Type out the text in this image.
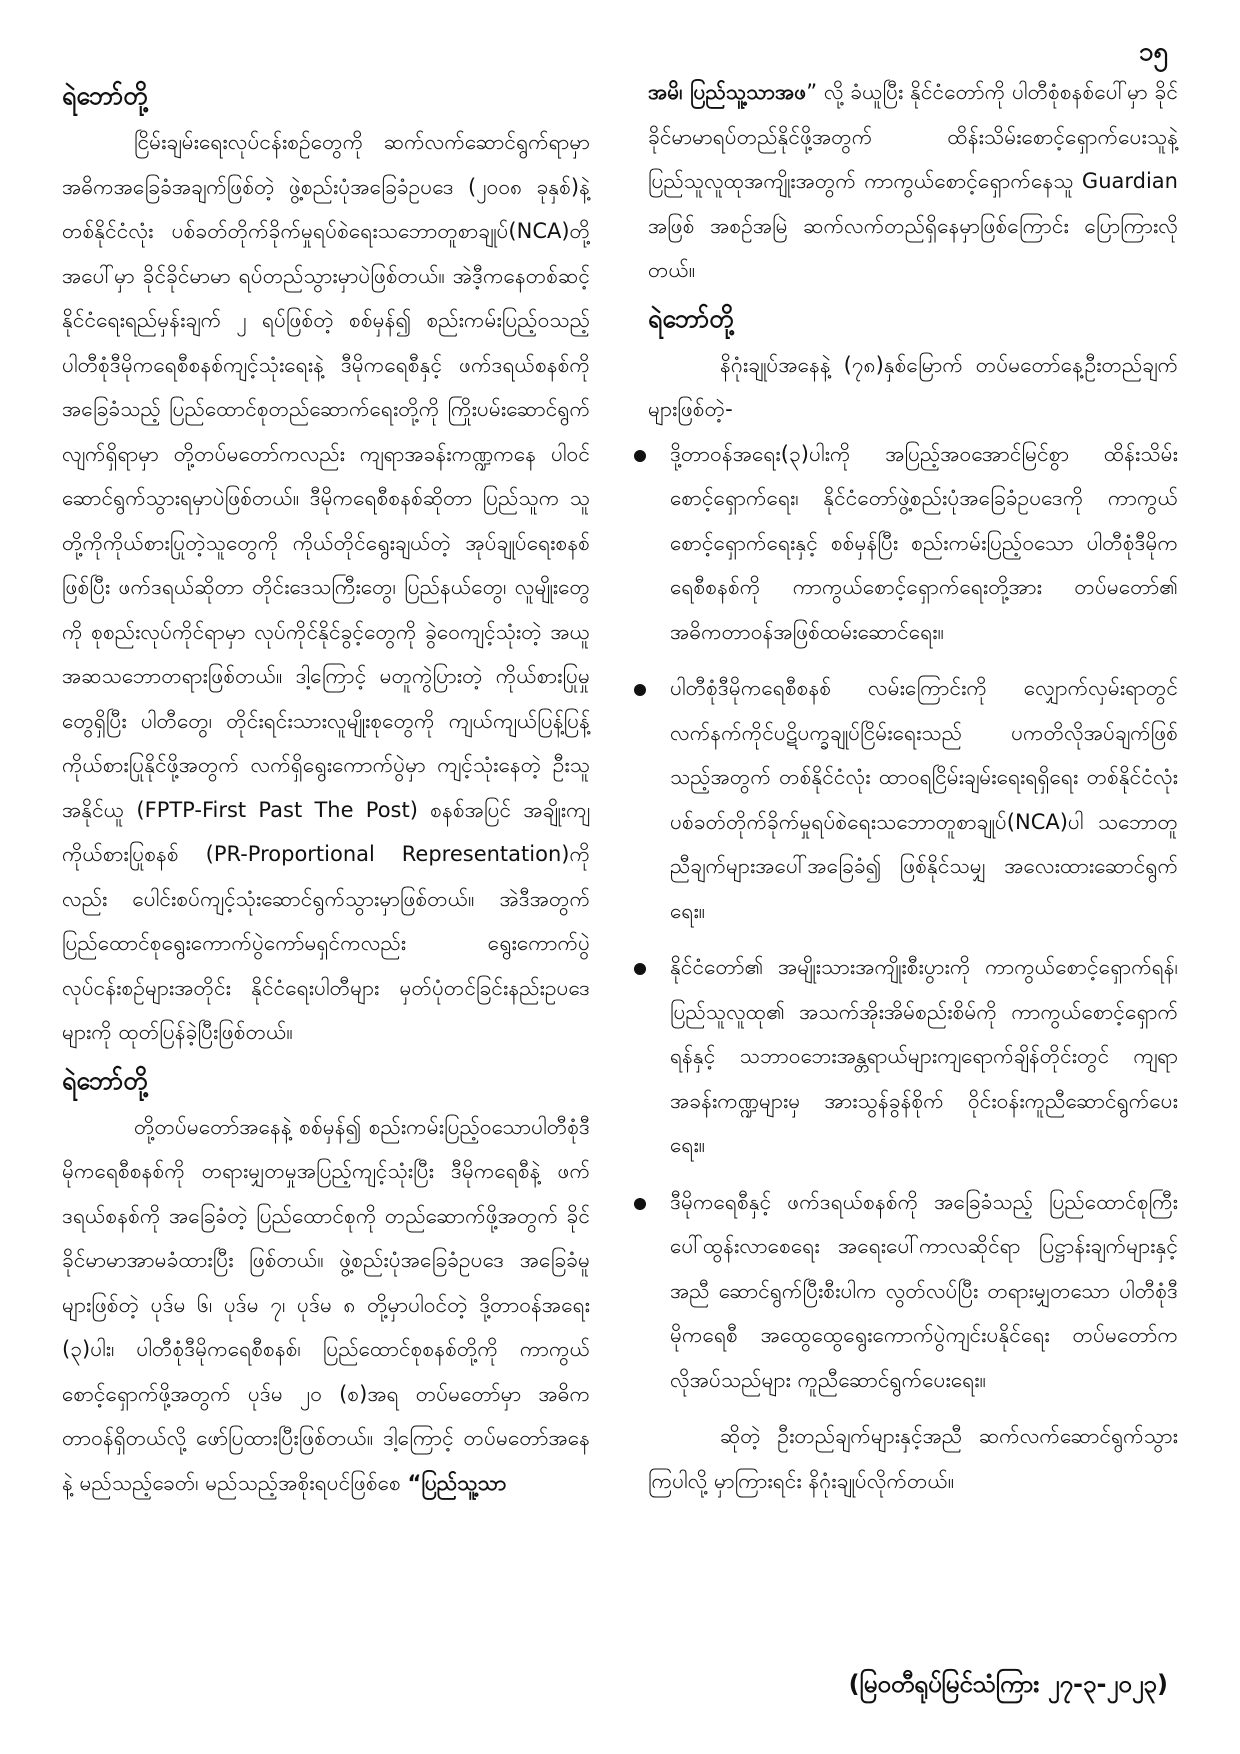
၁၅
ရဲဘော်တို့

ငြိမ်းချမ်းရေးလုပ်ငန်းစဉ်တွေကို ဆက်လက်ဆောင်ရွက်ရာမှာ အဓိကအခြေခံအချက်ဖြစ်တဲ့ ဖွဲ့စည်းပုံအခြေခံဥပဒေ (၂၀၀၈ ခုနှစ်)နဲ့ တစ်နိုင်ငံလုံး ပစ်ခတ်တိုက်ခိုက်မှုရပ်စဲရေးသဘောတူစာချုပ်(NCA)တို့အပေါ်မှာ ခိုင်ခိုင်မာမာ ရပ်တည်သွားမှာပဲဖြစ်တယ်။ အဲဒီ့ကနေတစ်ဆင့် နိုင်ငံရေးရည်မှန်းချက် ၂ ရပ်ဖြစ်တဲ့ စစ်မှန်၍ စည်းကမ်းပြည့်ဝသည့် ပါတီစုံဒီမိုကရေစီစနစ်ကျင့်သုံးရေးနဲ့ ဒီမိုကရေစီနှင့် ဖက်ဒရယ်စနစ်ကို အခြေခံသည့် ပြည်ထောင်စုတည်ဆောက်ရေးတို့ကို ကြိုးပမ်းဆောင်ရွက်လျက်ရှိရာမှာ တို့တပ်မတော်ကလည်း ကျရာအခန်းကဏ္ဍကနေ ပါဝင်ဆောင်ရွက်သွားရမှာပဲဖြစ်တယ်။ ဒီမိုကရေစီစနစ်ဆိုတာ ပြည်သူက သူတို့ကိုကိုယ်စားပြုတဲ့သူတွေကို ကိုယ်တိုင်ရွေးချယ်တဲ့ အုပ်ချုပ်ရေးစနစ်ဖြစ်ပြီး ဖက်ဒရယ်ဆိုတာ တိုင်းဒေသကြီးတွေ၊ ပြည်နယ်တွေ၊ လူမျိုးတွေကို စုစည်းလုပ်ကိုင်ရာမှာ လုပ်ကိုင်နိုင်ခွင့်တွေကို ခွဲဝေကျင့်သုံးတဲ့ အယူအဆသဘောတရားဖြစ်တယ်။ ဒါ့ကြောင့် မတူကွဲပြားတဲ့ ကိုယ်စားပြုမှုတွေရှိပြီး ပါတီတွေ၊ တိုင်းရင်းသားလူမျိုးစုတွေကို ကျယ်ကျယ်ပြန့်ပြန့် ကိုယ်စားပြုနိုင်ဖို့အတွက် လက်ရှိရွေးကောက်ပွဲမှာ ကျင့်သုံးနေတဲ့ ဦးသူအနိုင်ယူ (FPTP-First Past The Post) စနစ်အပြင် အချိုးကျကိုယ်စားပြုစနစ် (PR-Proportional Representation)ကိုလည်း ပေါင်းစပ်ကျင့်သုံးဆောင်ရွက်သွားမှာဖြစ်တယ်။ အဲဒီအတွက် ပြည်ထောင်စုရွေးကောက်ပွဲကော်မရှင်ကလည်း ရွေးကောက်ပွဲလုပ်ငန်းစဉ်များအတိုင်း နိုင်ငံရေးပါတီများ မှတ်ပုံတင်ခြင်းနည်းဥပဒေများကို ထုတ်ပြန်ခဲ့ပြီးဖြစ်တယ်။

ရဲဘော်တို့

တို့တပ်မတော်အနေနဲ့ စစ်မှန်၍ စည်းကမ်းပြည့်ဝသောပါတီစုံဒီမိုကရေစီစနစ်ကို တရားမျှတမှုအပြည့်ကျင့်သုံးပြီး ဒီမိုကရေစီနဲ့ ဖက်ဒရယ်စနစ်ကို အခြေခံတဲ့ ပြည်ထောင်စုကို တည်ဆောက်ဖို့အတွက် ခိုင်ခိုင်မာမာအာမခံထားပြီး ဖြစ်တယ်။ ဖွဲ့စည်းပုံအခြေခံဥပဒေ အခြေခံမူများဖြစ်တဲ့ ပုဒ်မ ၆၊ ပုဒ်မ ၇၊ ပုဒ်မ ၈ တို့မှာပါဝင်တဲ့ ဒို့တာဝန်အရေး (၃)ပါး၊ ပါတီစုံဒီမိုကရေစီစနစ်၊ ပြည်ထောင်စုစနစ်တို့ကို ကာကွယ်စောင့်ရှောက်ဖို့အတွက် ပုဒ်မ ၂၀ (စ)အရ တပ်မတော်မှာ အဓိကတာဝန်ရှိတယ်လို့ ဖော်ပြထားပြီးဖြစ်တယ်။ ဒါ့ကြောင့် တပ်မတော်အနေနဲ့ မည်သည့်ခေတ်၊ မည်သည့်အစိုးရပင်ဖြစ်စေ “ပြည်သူ့သာ

အမိ၊ ပြည်သူ့သာအဖ” လို့ ခံယူပြီး နိုင်ငံတော်ကို ပါတီစုံစနစ်ပေါ်မှာ ခိုင်ခိုင်မာမာရပ်တည်နိုင်ဖို့အတွက် ထိန်းသိမ်းစောင့်ရှောက်ပေးသူနဲ့ ပြည်သူလူထုအကျိုးအတွက် ကာကွယ်စောင့်ရှောက်နေသူ Guardian အဖြစ် အစဉ်အမြဲ ဆက်လက်တည်ရှိနေမှာဖြစ်ကြောင်း ပြောကြားလိုတယ်။

ရဲဘော်တို့

နိဂုံးချုပ်အနေနဲ့ (၇၈)နှစ်မြောက် တပ်မတော်နေ့ဦးတည်ချက်များဖြစ်တဲ့-

ဒို့တာဝန်အရေး(၃)ပါးကို အပြည့်အဝအောင်မြင်စွာ ထိန်းသိမ်းစောင့်ရှောက်ရေး၊ နိုင်ငံတော်ဖွဲ့စည်းပုံအခြေခံဥပဒေကို ကာကွယ်စောင့်ရှောက်ရေးနှင့် စစ်မှန်ပြီး စည်းကမ်းပြည့်ဝသော ပါတီစုံဒီမိုကရေစီစနစ်ကို ကာကွယ်စောင့်ရှောက်ရေးတို့အား တပ်မတော်၏ အဓိကတာဝန်အဖြစ်ထမ်းဆောင်ရေး။
ပါတီစုံဒီမိုကရေစီစနစ် လမ်းကြောင်းကို လျှောက်လှမ်းရာတွင် လက်နက်ကိုင်ပဋိပက္ခချုပ်ငြိမ်းရေးသည် ပကတိလိုအပ်ချက်ဖြစ်သည့်အတွက် တစ်နိုင်ငံလုံး ထာဝရငြိမ်းချမ်းရေးရရှိရေး တစ်နိုင်ငံလုံးပစ်ခတ်တိုက်ခိုက်မှုရပ်စဲရေးသဘောတူစာချုပ်(NCA)ပါ သဘောတူညီချက်များအပေါ်အခြေခံ၍ ဖြစ်နိုင်သမျှ အလေးထားဆောင်ရွက်ရေး။
နိုင်ငံတော်၏ အမျိုးသားအကျိုးစီးပွားကို ကာကွယ်စောင့်ရှောက်ရန်၊ ပြည်သူလူထု၏ အသက်အိုးအိမ်စည်းစိမ်ကို ကာကွယ်စောင့်ရှောက်ရန်နှင့် သဘာဝဘေးအန္တရာယ်များကျရောက်ချိန်တိုင်းတွင် ကျရာအခန်းကဏ္ဍများမှ အားသွန်ခွန်စိုက် ဝိုင်းဝန်းကူညီဆောင်ရွက်ပေးရေး။
ဒီမိုကရေစီနှင့် ဖက်ဒရယ်စနစ်ကို အခြေခံသည့် ပြည်ထောင်စုကြီး ပေါ်ထွန်းလာစေရေး အရေးပေါ်ကာလဆိုင်ရာ ပြဋ္ဌာန်းချက်များနှင့်အညီ ဆောင်ရွက်ပြီးစီးပါက လွတ်လပ်ပြီး တရားမျှတသော ပါတီစုံဒီမိုကရေစီ အထွေထွေရွေးကောက်ပွဲကျင်းပနိုင်ရေး တပ်မတော်က လိုအပ်သည်များ ကူညီဆောင်ရွက်ပေးရေး။

ဆိုတဲ့ ဦးတည်ချက်များနှင့်အညီ ဆက်လက်ဆောင်ရွက်သွားကြပါလို့ မှာကြားရင်း နိဂုံးချုပ်လိုက်တယ်။

(မြဝတီရုပ်မြင်သံကြား ၂၇-၃-၂၀၂၃)
